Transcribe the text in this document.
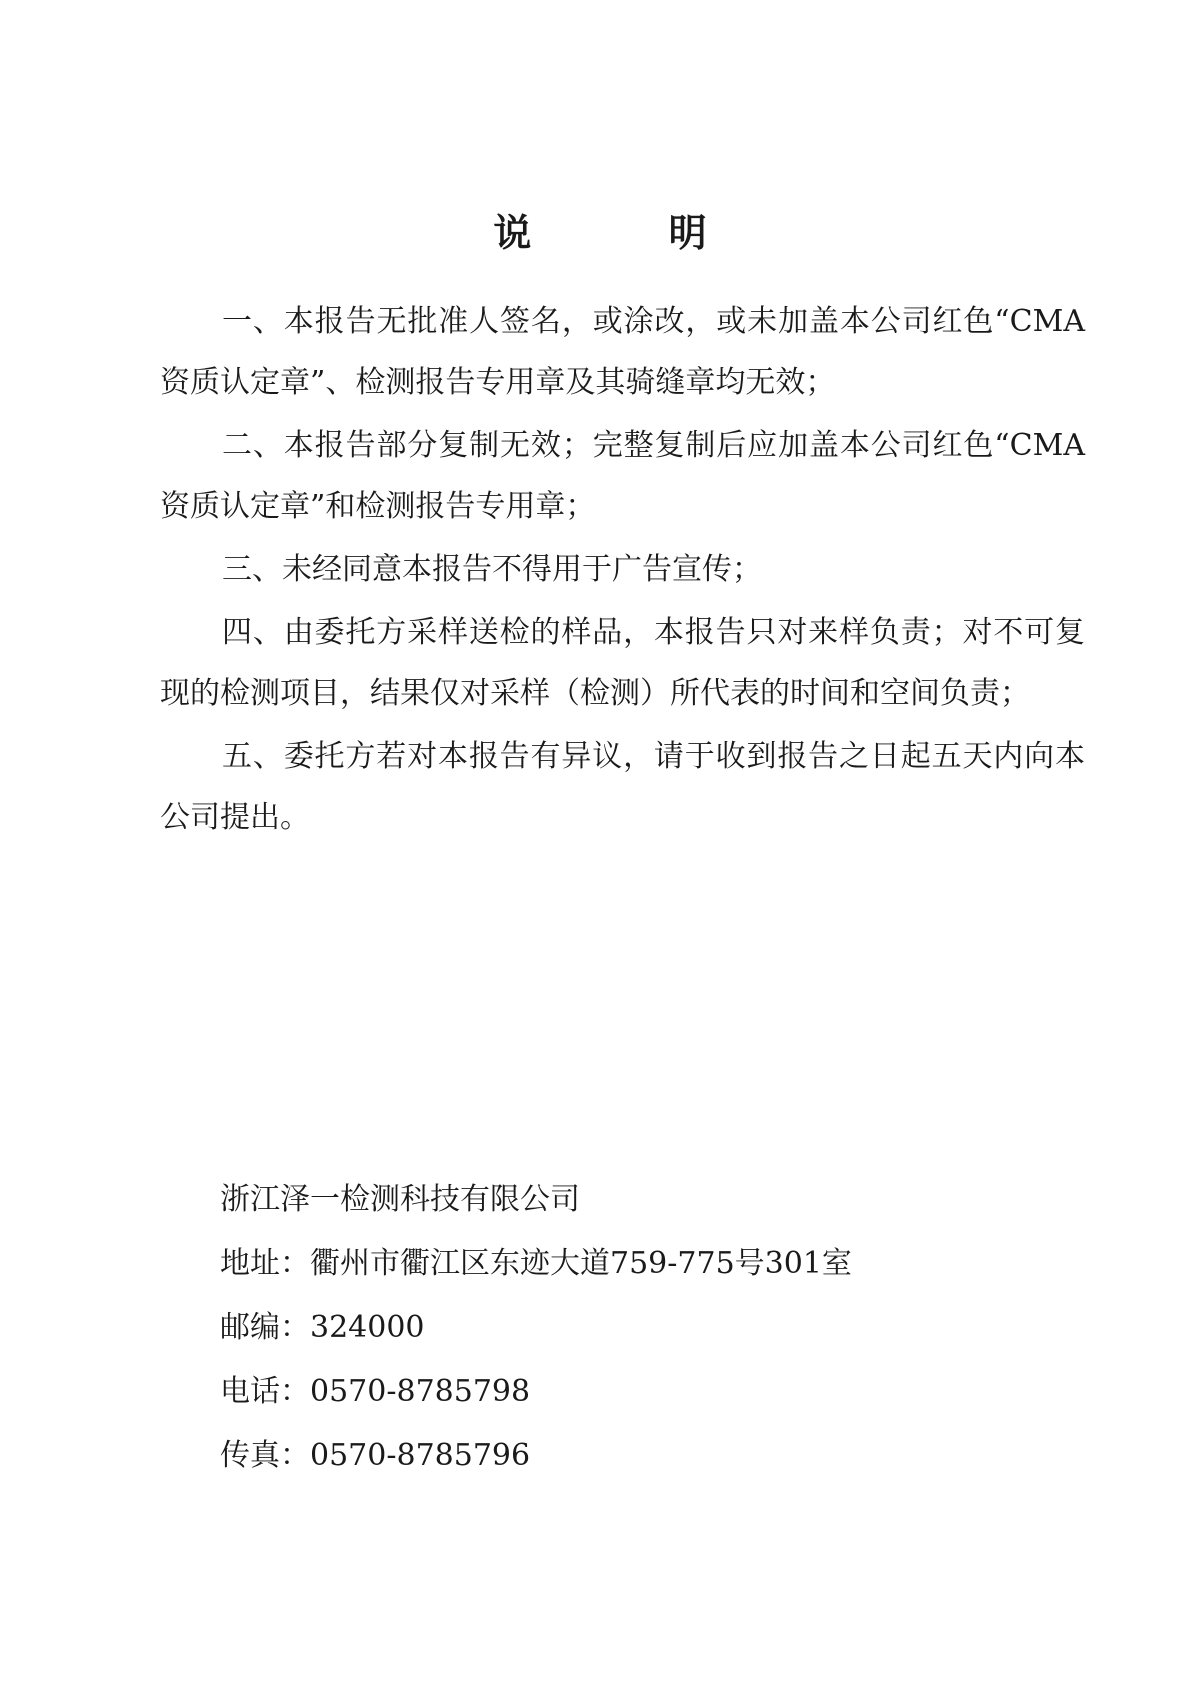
说 明

一、本报告无批准人签名，或涂改，或未加盖本公司红色“CMA资质认定章”、检测报告专用章及其骑缝章均无效；

二、本报告部分复制无效；完整复制后应加盖本公司红色“CMA资质认定章”和检测报告专用章；

三、未经同意本报告不得用于广告宣传；

四、由委托方采样送检的样品，本报告只对来样负责；对不可复现的检测项目，结果仅对采样（检测）所代表的时间和空间负责；

五、委托方若对本报告有异议，请于收到报告之日起五天内向本公司提出。

浙江泽一检测科技有限公司
地址：衢州市衢江区东迹大道759-775号301室
邮编：324000
电话：0570-8785798
传真：0570-8785796
